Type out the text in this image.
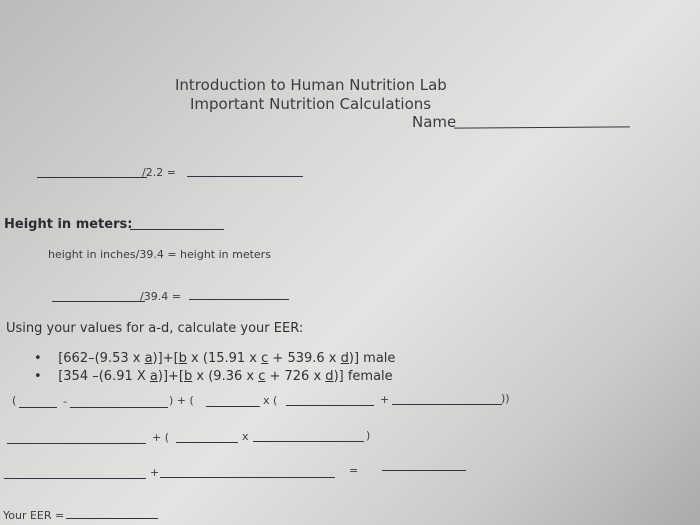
Introduction to Human Nutrition Lab
Important Nutrition Calculations
Name
/2.2 =
Height in meters:
height in inches/39.4 = height in meters
/39.4 =
Using your values for a-d, calculate your EER:
• [662–(9.53 x a)]+[b x (15.91 x c + 539.6 x d)] male
• [354 –(6.91 X a)]+[b x (9.36 x c + 726 x d)] female
(	-	) + (	x (	+	))
+ (	x	)
+	=
Your EER =
